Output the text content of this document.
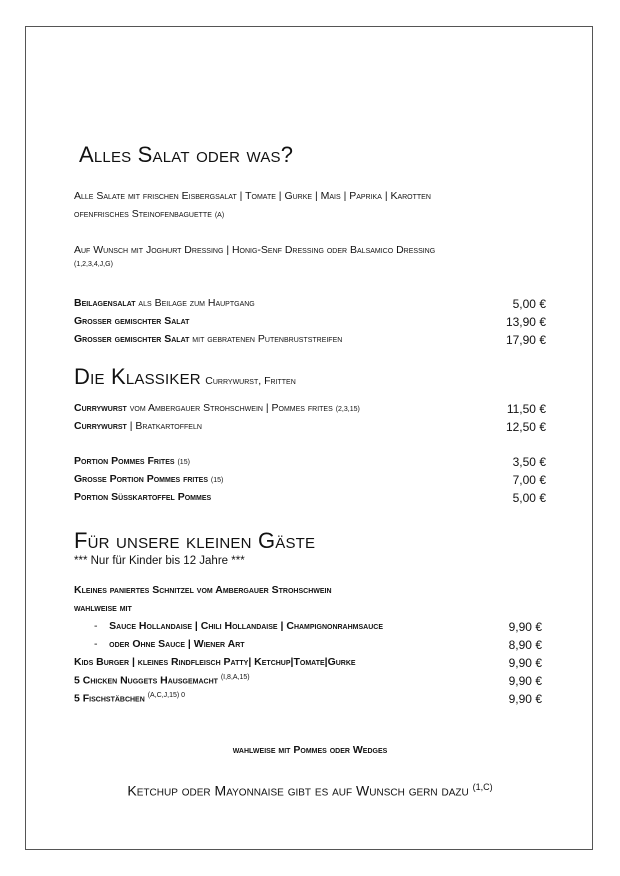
Alles Salat oder was?
Alle Salate mit frischen Eisbergsalat | Tomate | Gurke | Mais | Paprika | Karotten
ofenfrisches Steinofenbaguette (A)
Auf Wunsch mit Joghurt Dressing | Honig-Senf Dressing oder Balsamico Dressing
(1,2,3,4,J,G)
Beilagensalat als Beilage zum Hauptgang	5,00 €
Großer gemischter Salat	13,90 €
Großer gemischter Salat mit gebratenen Putenbruststreifen	17,90 €
Die Klassiker Currywurst, Fritten
Currywurst vom Ambergauer Strohschwein | Pommes frites (2,3,15)	11,50 €
Currywurst | Bratkartoffeln	12,50 €
Portion Pommes Frites (15)	3,50 €
Große Portion Pommes frites (15)	7,00 €
Portion Süßkartoffel Pommes	5,00 €
Für unsere kleinen Gäste
*** Nur für Kinder bis 12 Jahre ***
Kleines paniertes Schnitzel vom Ambergauer Strohschwein
wahlweise mit
- Sauce Hollandaise | Chili Hollandaise | Champignonrahmsauce	9,90 €
- oder Ohne Sauce | Wiener Art	8,90 €
Kids Burger | kleines Rindfleisch Patty| Ketchup|Tomate|Gurke	9,90 €
5 Chicken Nuggets Hausgemacht $^{(I,8,A,15)}$	9,90 €
5 Fischstäbchen $^{(A,C,J,15) 0}$	9,90 €
wahlweise mit Pommes oder Wedges
Ketchup oder Mayonnaise gibt es auf Wunsch gern dazu $^{(1,C)}$
